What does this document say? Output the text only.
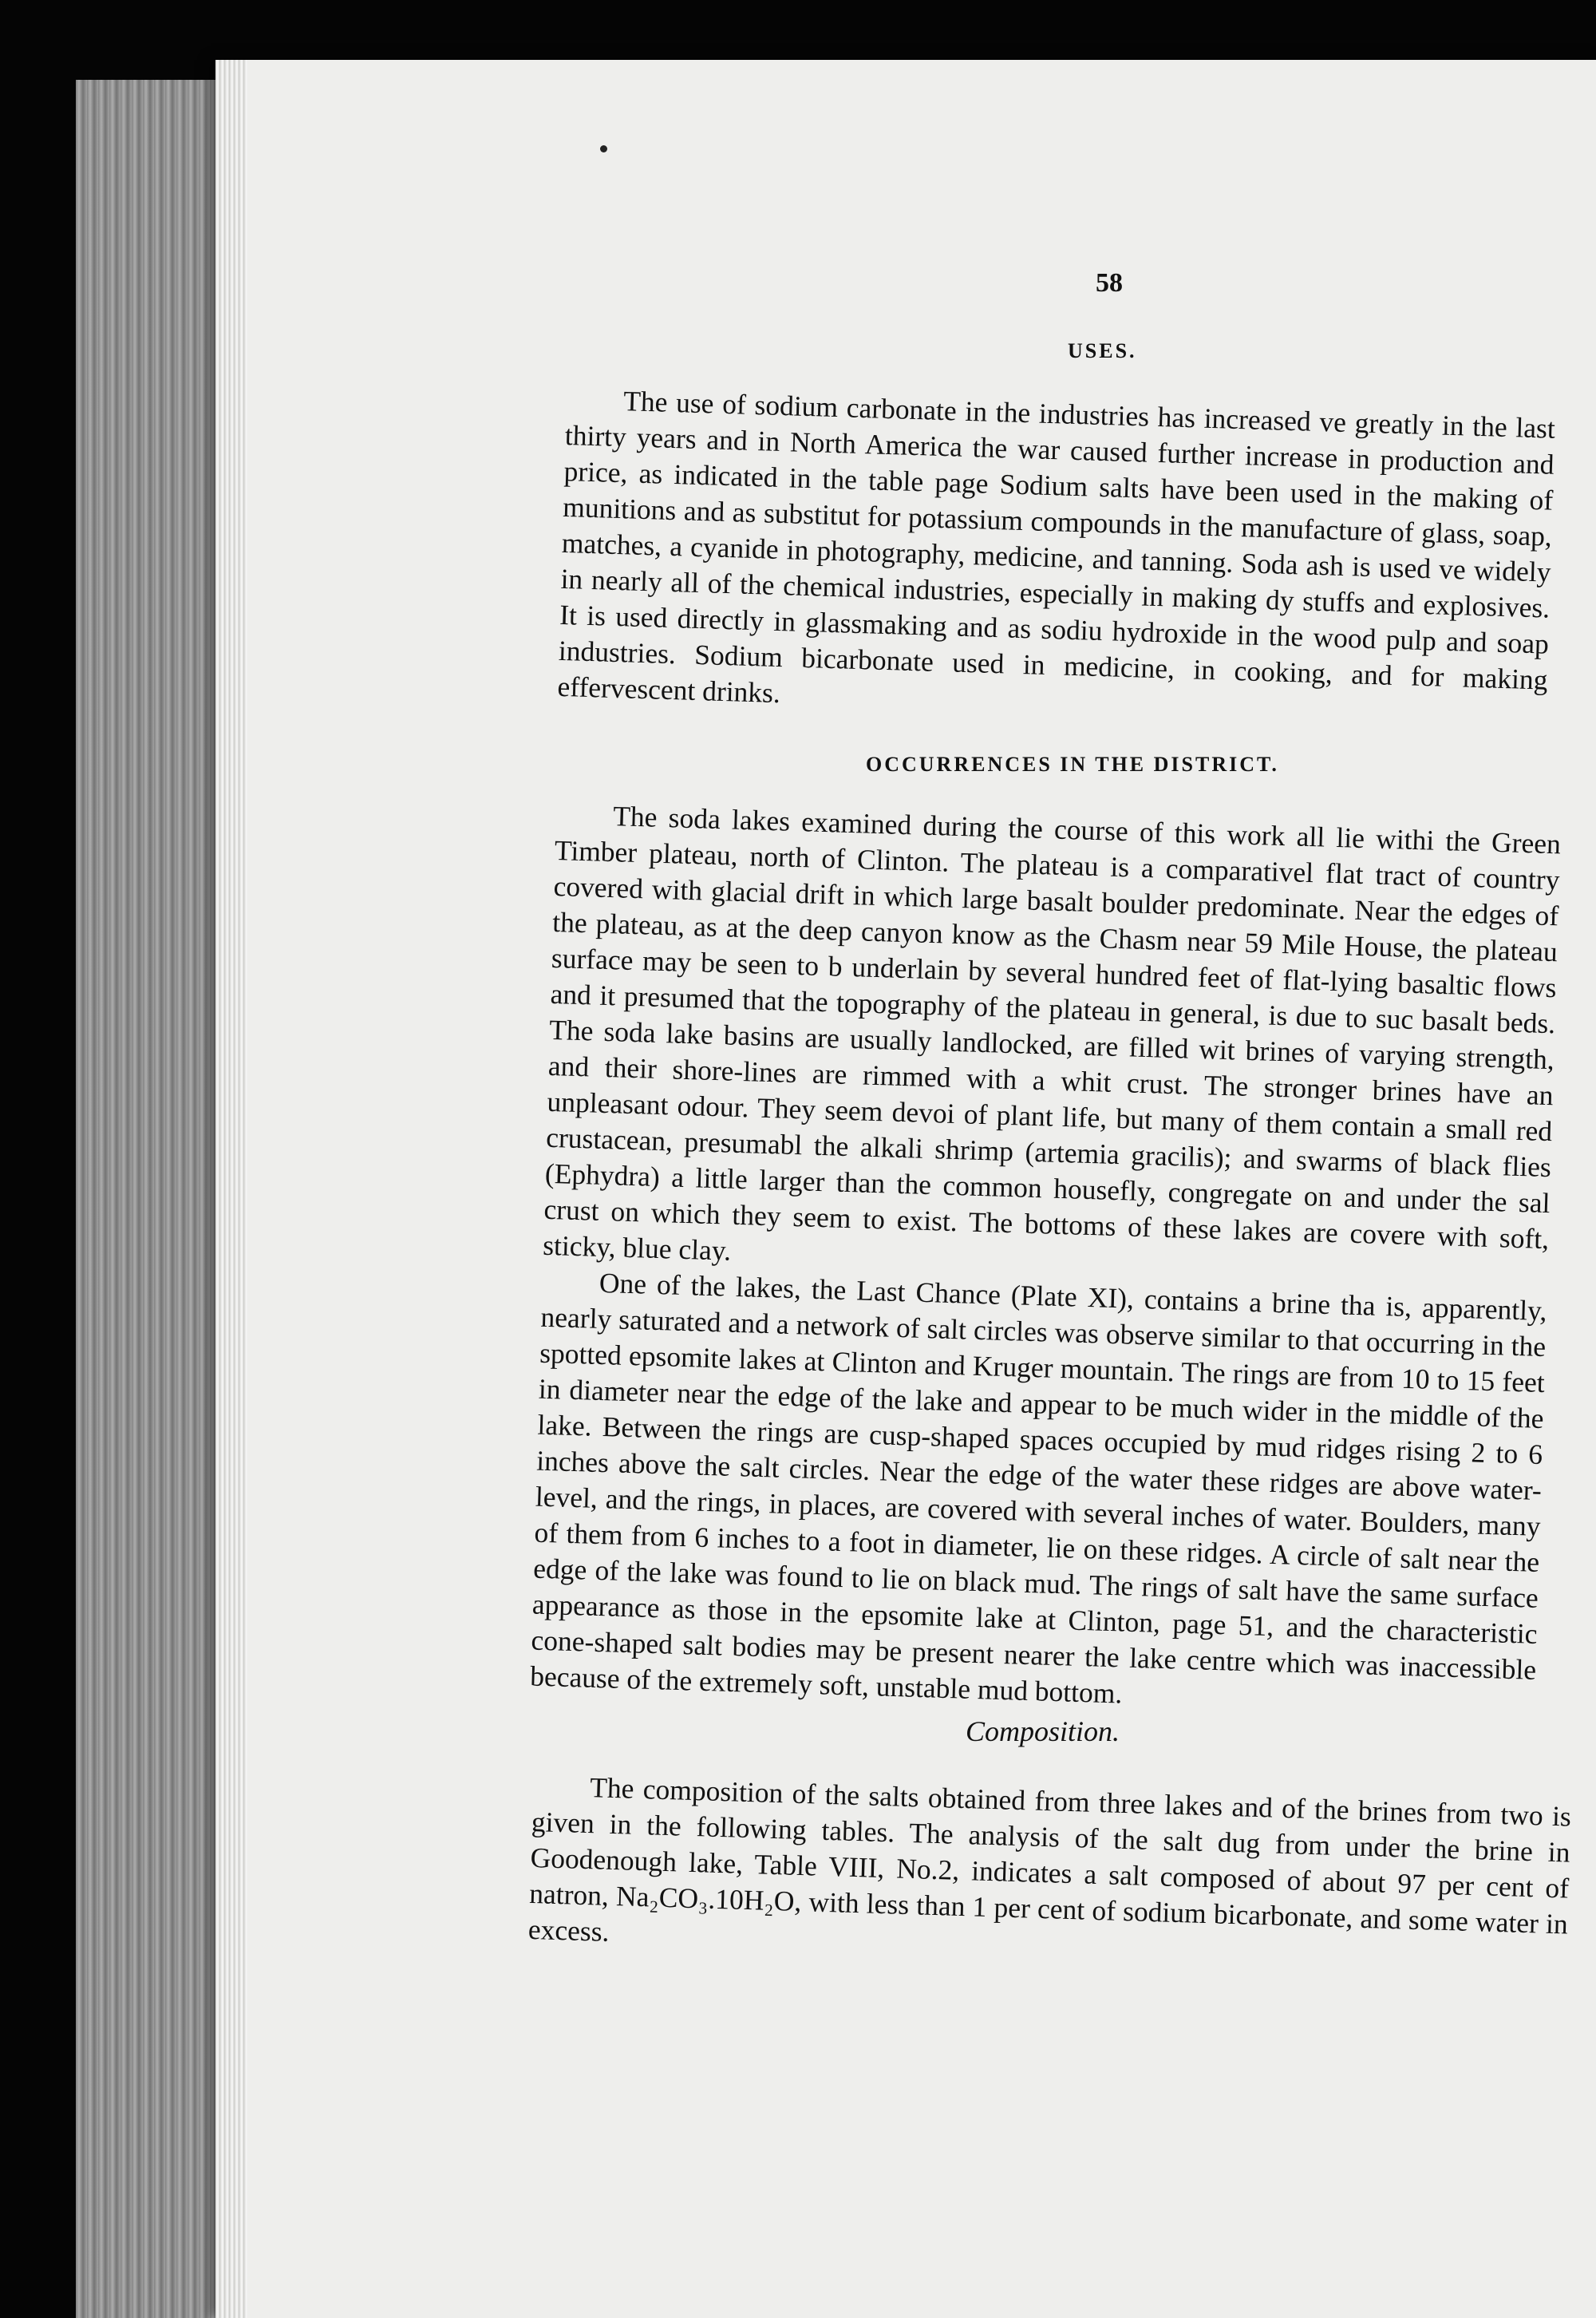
58
USES.

The use of sodium carbonate in the industries has increased ve greatly in the last thirty years and in North America the war caused further increase in production and price, as indicated in the table page Sodium salts have been used in the making of munitions and as substitut for potassium compounds in the manufacture of glass, soap, matches, a cyanide in photography, medicine, and tanning. Soda ash is used ve widely in nearly all of the chemical industries, especially in making dy stuffs and explosives. It is used directly in glassmaking and as sodiu hydroxide in the wood pulp and soap industries. Sodium bicarbonate used in medicine, in cooking, and for making effervescent drinks.

OCCURRENCES IN THE DISTRICT.

The soda lakes examined during the course of this work all lie withi the Green Timber plateau, north of Clinton. The plateau is a comparativel flat tract of country covered with glacial drift in which large basalt boulder predominate. Near the edges of the plateau, as at the deep canyon know as the Chasm near 59 Mile House, the plateau surface may be seen to b underlain by several hundred feet of flat-lying basaltic flows and it presumed that the topography of the plateau in general, is due to suc basalt beds. The soda lake basins are usually landlocked, are filled wit brines of varying strength, and their shore-lines are rimmed with a whit crust. The stronger brines have an unpleasant odour. They seem devoi of plant life, but many of them contain a small red crustacean, presumabl the alkali shrimp (artemia gracilis); and swarms of black flies (Ephydra) a little larger than the common housefly, congregate on and under the sal crust on which they seem to exist. The bottoms of these lakes are covere with soft, sticky, blue clay.

One of the lakes, the Last Chance (Plate XI), contains a brine tha is, apparently, nearly saturated and a network of salt circles was observe similar to that occurring in the spotted epsomite lakes at Clinton and Kruger mountain. The rings are from 10 to 15 feet in diameter near the edge of the lake and appear to be much wider in the middle of the lake. Between the rings are cusp-shaped spaces occupied by mud ridges rising 2 to 6 inches above the salt circles. Near the edge of the water these ridges are above water-level, and the rings, in places, are covered with several inches of water. Boulders, many of them from 6 inches to a foot in diameter, lie on these ridges. A circle of salt near the edge of the lake was found to lie on black mud. The rings of salt have the same surface appearance as those in the epsomite lake at Clinton, page 51, and the characteristic cone-shaped salt bodies may be present nearer the lake centre which was inaccessible because of the extremely soft, unstable mud bottom.

Composition.

The composition of the salts obtained from three lakes and of the brines from two is given in the following tables. The analysis of the salt dug from under the brine in Goodenough lake, Table VIII, No.2, indicates a salt composed of about 97 per cent of natron, Na₂CO₃.10H₂O, with less than 1 per cent of sodium bicarbonate, and some water in excess.
